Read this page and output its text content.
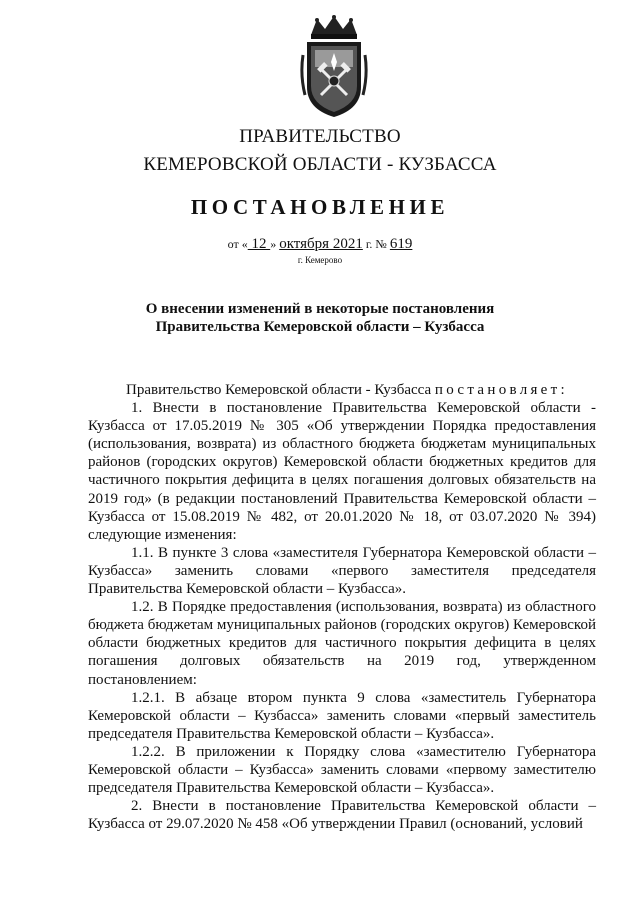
ПРАВИТЕЛЬСТВО
КЕМЕРОВСКОЙ ОБЛАСТИ - КУЗБАССА
ПОСТАНОВЛЕНИЕ
от « 12 » октября 2021 г. № 619
г. Кемерово
О внесении изменений в некоторые постановления
Правительства Кемеровской области – Кузбасса

Правительство Кемеровской области - Кузбасса постановляет:

1. Внести в постановление Правительства Кемеровской области - Кузбасса от 17.05.2019 № 305 «Об утверждении Порядка предоставления (использования, возврата) из областного бюджета бюджетам муниципальных районов (городских округов) Кемеровской области бюджетных кредитов для частичного покрытия дефицита в целях погашения долговых обязательств на 2019 год» (в редакции постановлений Правительства Кемеровской области – Кузбасса от 15.08.2019 № 482, от 20.01.2020 № 18, от 03.07.2020 № 394) следующие изменения:

1.1. В пункте 3 слова «заместителя Губернатора Кемеровской области – Кузбасса» заменить словами «первого заместителя председателя Правительства Кемеровской области – Кузбасса».

1.2. В Порядке предоставления (использования, возврата) из областного бюджета бюджетам муниципальных районов (городских округов) Кемеровской области бюджетных кредитов для частичного покрытия дефицита в целях погашения долговых обязательств на 2019 год, утвержденном постановлением:

1.2.1. В абзаце втором пункта 9 слова «заместитель Губернатора Кемеровской области – Кузбасса» заменить словами «первый заместитель председателя Правительства Кемеровской области – Кузбасса».

1.2.2. В приложении к Порядку слова «заместителю Губернатора Кемеровской области – Кузбасса» заменить словами «первому заместителю председателя Правительства Кемеровской области – Кузбасса».

2. Внести в постановление Правительства Кемеровской области – Кузбасса от 29.07.2020 № 458 «Об утверждении Правил (оснований, условий
